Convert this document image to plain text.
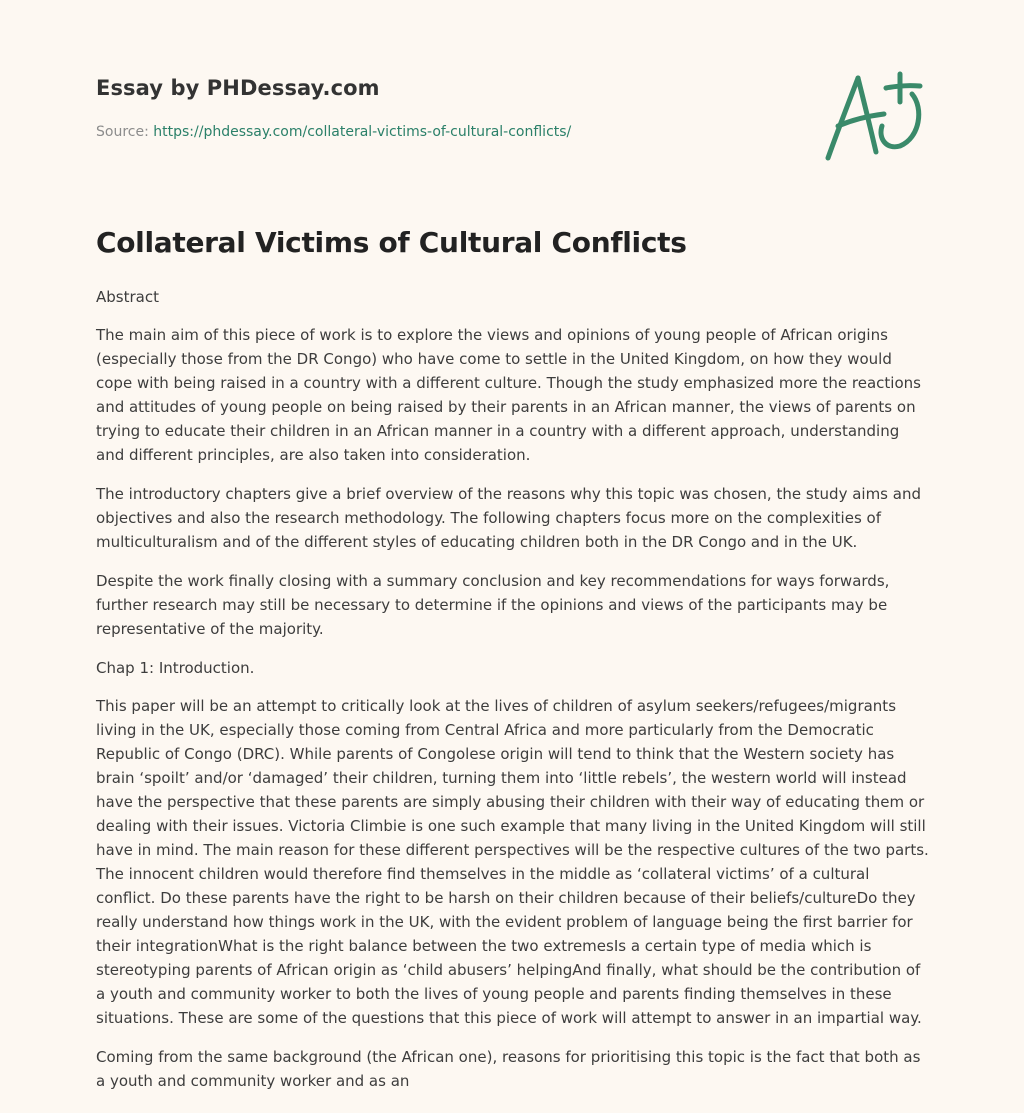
Essay by PHDessay.com
Source: https://phdessay.com/collateral-victims-of-cultural-conflicts/
Collateral Victims of Cultural Conflicts

Abstract

The main aim of this piece of work is to explore the views and opinions of young people of African origins (especially those from the DR Congo) who have come to settle in the United Kingdom, on how they would cope with being raised in a country with a different culture. Though the study emphasized more the reactions and attitudes of young people on being raised by their parents in an African manner, the views of parents on trying to educate their children in an African manner in a country with a different approach, understanding and different principles, are also taken into consideration.

The introductory chapters give a brief overview of the reasons why this topic was chosen, the study aims and objectives and also the research methodology. The following chapters focus more on the complexities of multiculturalism and of the different styles of educating children both in the DR Congo and in the UK.

Despite the work finally closing with a summary conclusion and key recommendations for ways forwards, further research may still be necessary to determine if the opinions and views of the participants may be representative of the majority.

Chap 1: Introduction.

This paper will be an attempt to critically look at the lives of children of asylum seekers/refugees/migrants living in the UK, especially those coming from Central Africa and more particularly from the Democratic Republic of Congo (DRC). While parents of Congolese origin will tend to think that the Western society has brain ‘spoilt’ and/or ‘damaged’ their children, turning them into ‘little rebels’, the western world will instead have the perspective that these parents are simply abusing their children with their way of educating them or dealing with their issues. Victoria Climbie is one such example that many living in the United Kingdom will still have in mind. The main reason for these different perspectives will be the respective cultures of the two parts. The innocent children would therefore find themselves in the middle as ‘collateral victims’ of a cultural conflict. Do these parents have the right to be harsh on their children because of their beliefs/cultureDo they really understand how things work in the UK, with the evident problem of language being the first barrier for their integrationWhat is the right balance between the two extremesIs a certain type of media which is stereotyping parents of African origin as ‘child abusers’ helpingAnd finally, what should be the contribution of a youth and community worker to both the lives of young people and parents finding themselves in these situations. These are some of the questions that this piece of work will attempt to answer in an impartial way.

Coming from the same background (the African one), reasons for prioritising this topic is the fact that both as a youth and community worker and as an
